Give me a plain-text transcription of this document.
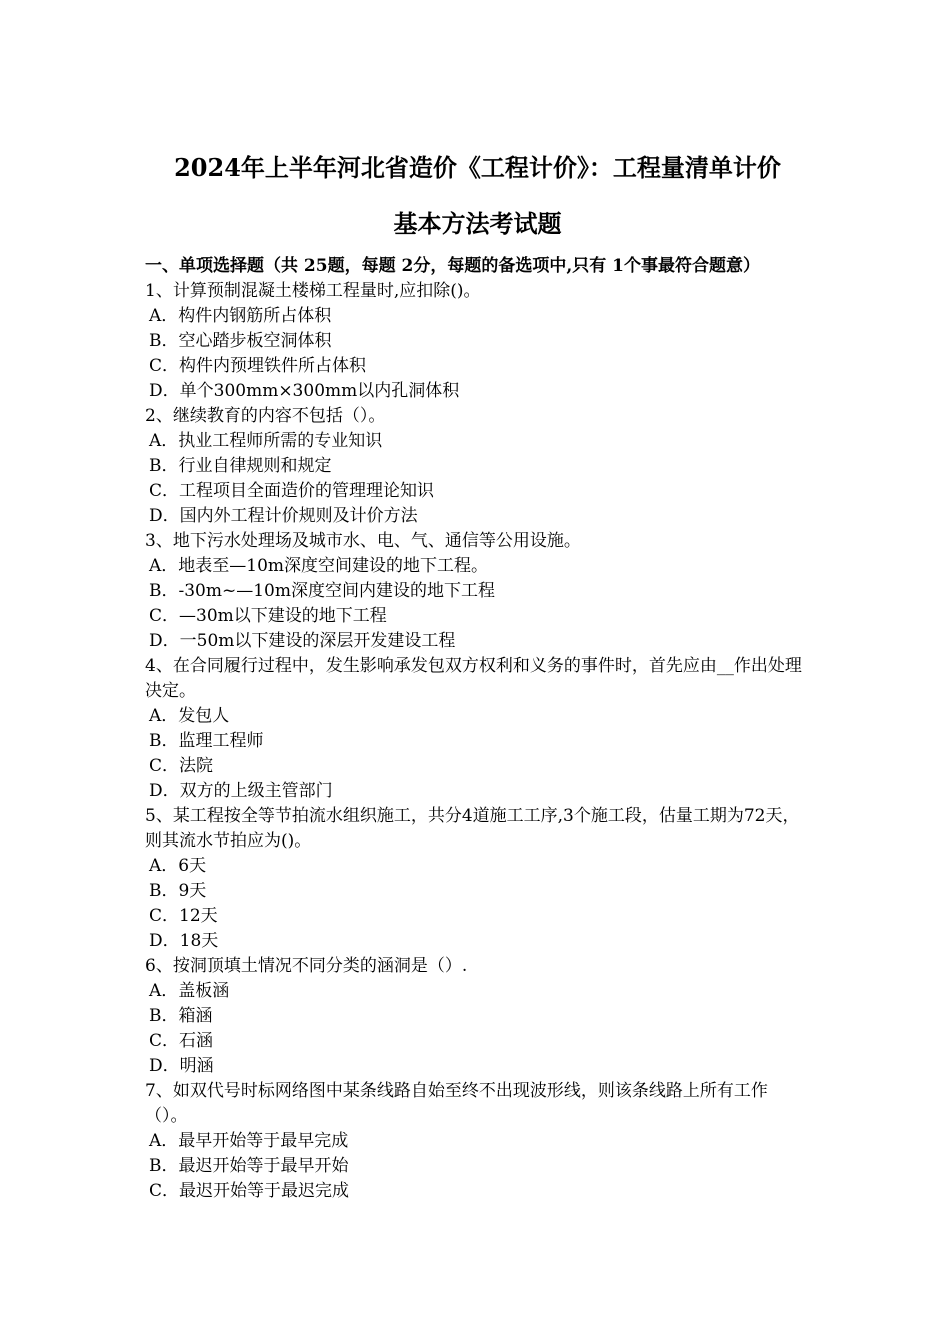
2024年上半年河北省造价《工程计价》：工程量清单计价
基本方法考试题

一、单项选择题（共 25题，每题 2分，每题的备选项中,只有 1个事最符合题意）

1、计算预制混凝土楼梯工程量时,应扣除()。

A．构件内钢筋所占体积

B．空心踏步板空洞体积

C．构件内预埋铁件所占体积

D．单个300mm×300mm以内孔洞体积

2、继续教育的内容不包括（）。

A．执业工程师所需的专业知识

B．行业自律规则和规定

C．工程项目全面造价的管理理论知识

D．国内外工程计价规则及计价方法

3、地下污水处理场及城市水、电、气、通信等公用设施。

A．地表至—10m深度空间建设的地下工程。

B．-30m~—10m深度空间内建设的地下工程

C．—30m以下建设的地下工程

D．一50m以下建设的深层开发建设工程

4、在合同履行过程中，发生影响承发包双方权利和义务的事件时，首先应由__作出处理决定。

A．发包人

B．监理工程师

C．法院

D．双方的上级主管部门

5、某工程按全等节拍流水组织施工，共分4道施工工序,3个施工段，估量工期为72天，则其流水节拍应为()。

A．6天

B．9天

C．12天

D．18天

6、按洞顶填土情况不同分类的涵洞是（）.

A．盖板涵

B．箱涵

C．石涵

D．明涵

7、如双代号时标网络图中某条线路自始至终不出现波形线，则该条线路上所有工作（）。

A．最早开始等于最早完成

B．最迟开始等于最早开始

C．最迟开始等于最迟完成
